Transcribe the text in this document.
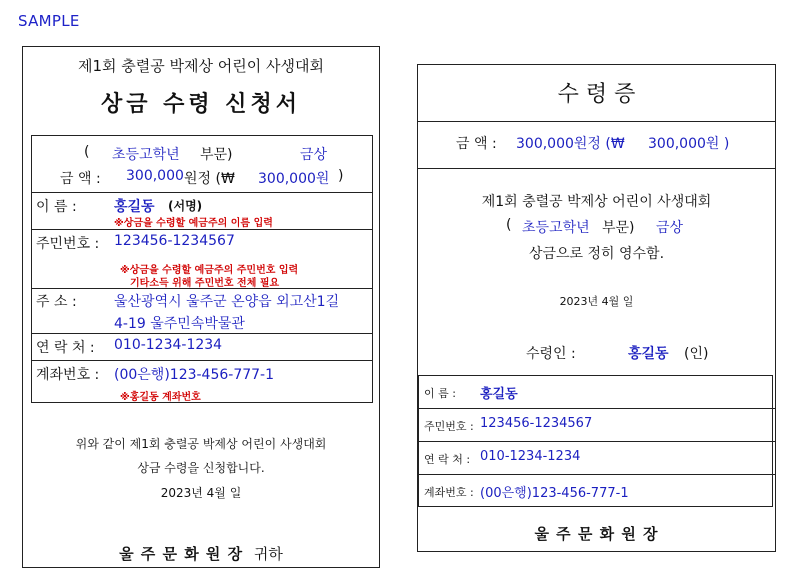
SAMPLE
제1회 충렬공 박제상 어린이 사생대회
상금 수령 신청서
( 초등고학년 부문)	금상
금 액 : 300,000 원정 (₩ 300,000원 )
이 름 :	홍길동 (서명)
※상금을 수령할 예금주의 이름 입력
주민번호 : 123456-1234567
※상금을 수령할 예금주의 주민번호 입력
기타소득 위해 주민번호 전체 필요
주 소 :	울산광역시 울주군 온양읍 외고산1길
4-19 울주민속박물관
연 락 처 : 010-1234-1234
계좌번호 : (00은행)123-456-777-1
※홍길동 계좌번호
위와 같이 제1회 충렬공 박제상 어린이 사생대회
상금 수령을 신청합니다.
2023년 4월 일
울 주 문 화 원 장 귀하
수 령 증
금 액 : 300,000원정 (₩ 300,000원 )
제1회 충렬공 박제상 어린이 사생대회
( 초등고학년 부문) 금상
상금으로 정히 영수함.
2023년 4월 일
수령인 :	홍길동 (인)
이 름 : 홍길동
주민번호 : 123456-1234567
연 락 처 : 010-1234-1234
계좌번호 : (00은행)123-456-777-1
울 주 문 화 원 장
